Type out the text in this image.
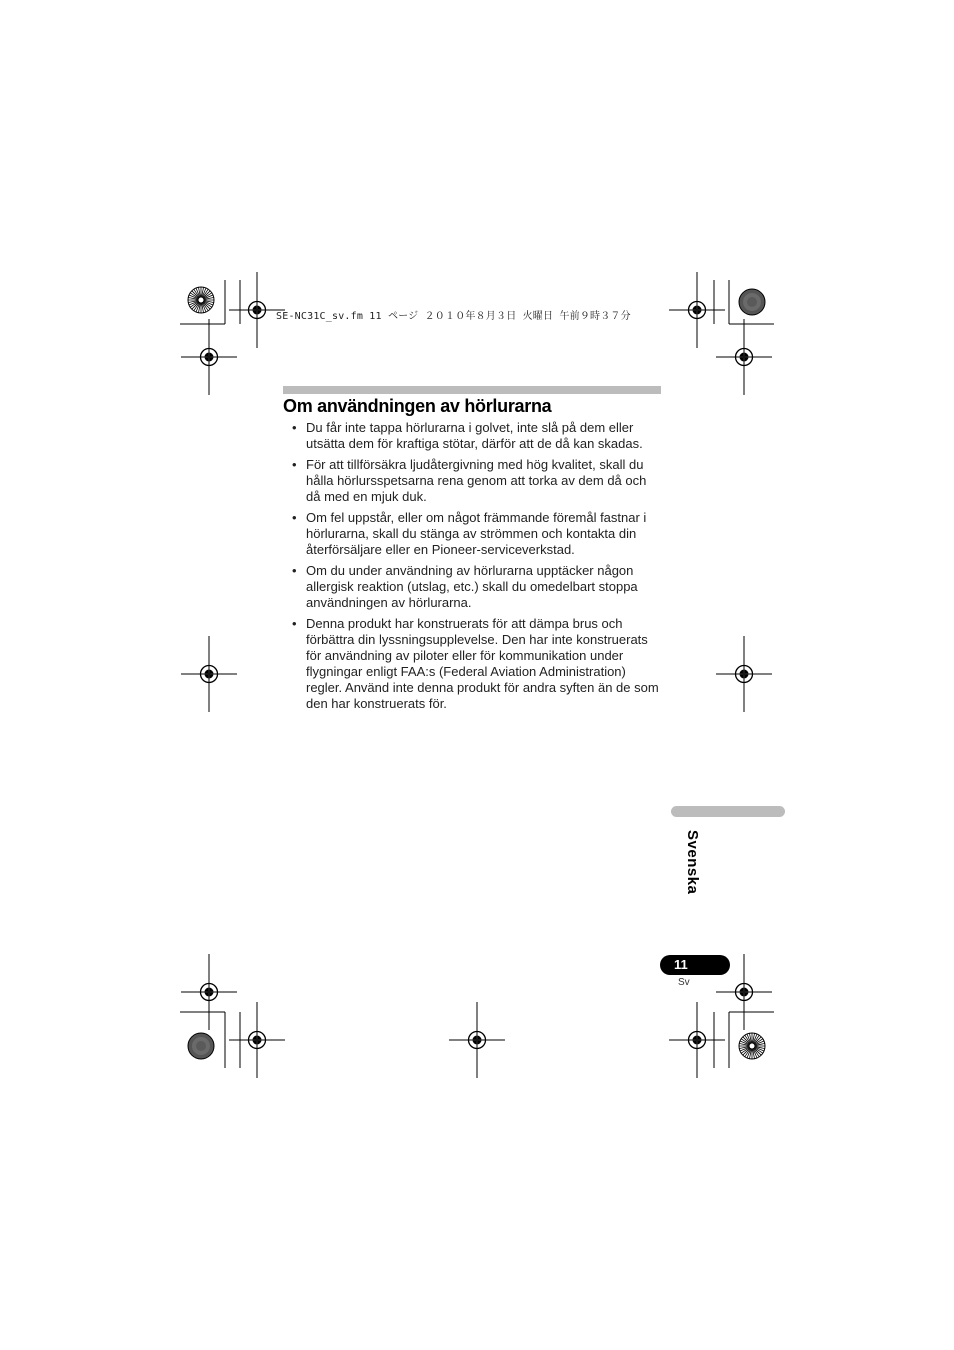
SE-NC31C_sv.fm 11 ページ ２０１０年８月３日 火曜日 午前９時３７分
Om användningen av hörlurarna
• Du får inte tappa hörlurarna i golvet, inte slå på dem eller utsätta dem för kraftiga stötar, därför att de då kan skadas.
• För att tillförsäkra ljudåtergivning med hög kvalitet, skall du hålla hörlursspetsarna rena genom att torka av dem då och då med en mjuk duk.
• Om fel uppstår, eller om något främmande föremål fastnar i hörlurarna, skall du stänga av strömmen och kontakta din återförsäljare eller en Pioneer-serviceverkstad.
• Om du under användning av hörlurarna upptäcker någon allergisk reaktion (utslag, etc.) skall du omedelbart stoppa användningen av hörlurarna.
• Denna produkt har konstruerats för att dämpa brus och förbättra din lyssningsupplevelse. Den har inte konstruerats för användning av piloter eller för kommunikation under flygningar enligt FAA:s (Federal Aviation Administration) regler. Använd inte denna produkt för andra syften än de som den har konstruerats för.
Svenska
11
Sv
